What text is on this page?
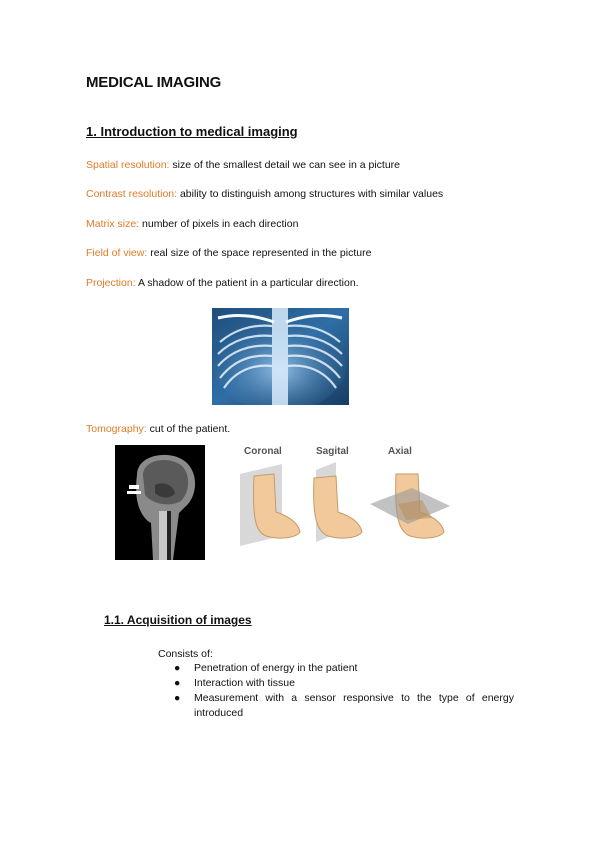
MEDICAL IMAGING
1. Introduction to medical imaging
Spatial resolution: size of the smallest detail we can see in a picture
Contrast resolution: ability to distinguish among structures with similar values
Matrix size: number of pixels in each direction
Field of view: real size of the space represented in the picture
Projection: A shadow of the patient in a particular direction.
Tomography: cut of the patient.
Coronal	Sagital	Axial
1.1. Acquisition of images
Consists of:
● Penetration of energy in the patient
● Interaction with tissue
● Measurement with a sensor responsive to the type of energy introduced
